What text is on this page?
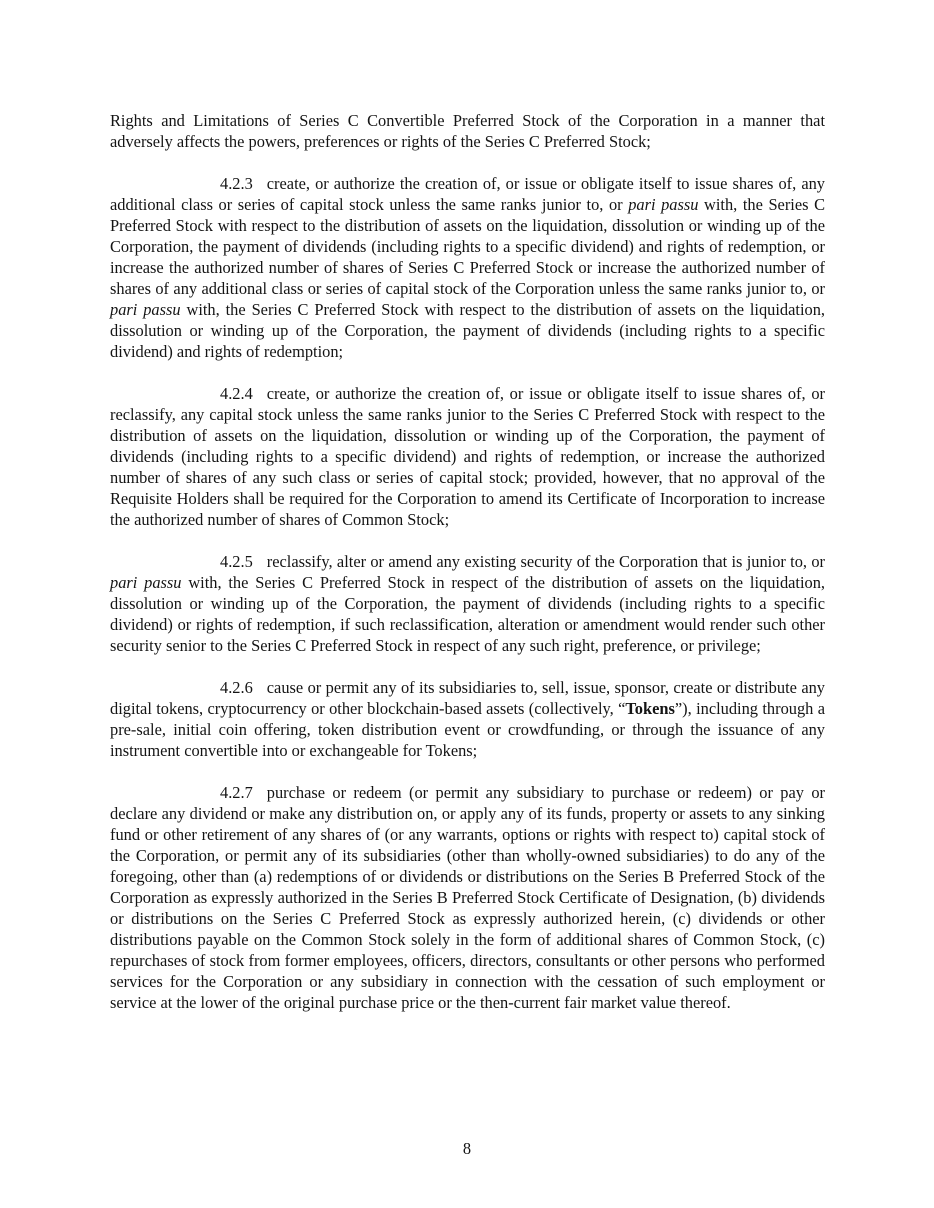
Rights and Limitations of Series C Convertible Preferred Stock of the Corporation in a manner that adversely affects the powers, preferences or rights of the Series C Preferred Stock;

4.2.3 create, or authorize the creation of, or issue or obligate itself to issue shares of, any additional class or series of capital stock unless the same ranks junior to, or pari passu with, the Series C Preferred Stock with respect to the distribution of assets on the liquidation, dissolution or winding up of the Corporation, the payment of dividends (including rights to a specific dividend) and rights of redemption, or increase the authorized number of shares of Series C Preferred Stock or increase the authorized number of shares of any additional class or series of capital stock of the Corporation unless the same ranks junior to, or pari passu with, the Series C Preferred Stock with respect to the distribution of assets on the liquidation, dissolution or winding up of the Corporation, the payment of dividends (including rights to a specific dividend) and rights of redemption;

4.2.4 create, or authorize the creation of, or issue or obligate itself to issue shares of, or reclassify, any capital stock unless the same ranks junior to the Series C Preferred Stock with respect to the distribution of assets on the liquidation, dissolution or winding up of the Corporation, the payment of dividends (including rights to a specific dividend) and rights of redemption, or increase the authorized number of shares of any such class or series of capital stock; provided, however, that no approval of the Requisite Holders shall be required for the Corporation to amend its Certificate of Incorporation to increase the authorized number of shares of Common Stock;

4.2.5 reclassify, alter or amend any existing security of the Corporation that is junior to, or pari passu with, the Series C Preferred Stock in respect of the distribution of assets on the liquidation, dissolution or winding up of the Corporation, the payment of dividends (including rights to a specific dividend) or rights of redemption, if such reclassification, alteration or amendment would render such other security senior to the Series C Preferred Stock in respect of any such right, preference, or privilege;

4.2.6 cause or permit any of its subsidiaries to, sell, issue, sponsor, create or distribute any digital tokens, cryptocurrency or other blockchain-based assets (collectively, “Tokens”), including through a pre-sale, initial coin offering, token distribution event or crowdfunding, or through the issuance of any instrument convertible into or exchangeable for Tokens;

4.2.7 purchase or redeem (or permit any subsidiary to purchase or redeem) or pay or declare any dividend or make any distribution on, or apply any of its funds, property or assets to any sinking fund or other retirement of any shares of (or any warrants, options or rights with respect to) capital stock of the Corporation, or permit any of its subsidiaries (other than wholly-owned subsidiaries) to do any of the foregoing, other than (a) redemptions of or dividends or distributions on the Series B Preferred Stock of the Corporation as expressly authorized in the Series B Preferred Stock Certificate of Designation, (b) dividends or distributions on the Series C Preferred Stock as expressly authorized herein, (c) dividends or other distributions payable on the Common Stock solely in the form of additional shares of Common Stock, (c) repurchases of stock from former employees, officers, directors, consultants or other persons who performed services for the Corporation or any subsidiary in connection with the cessation of such employment or service at the lower of the original purchase price or the then-current fair market value thereof.

8
